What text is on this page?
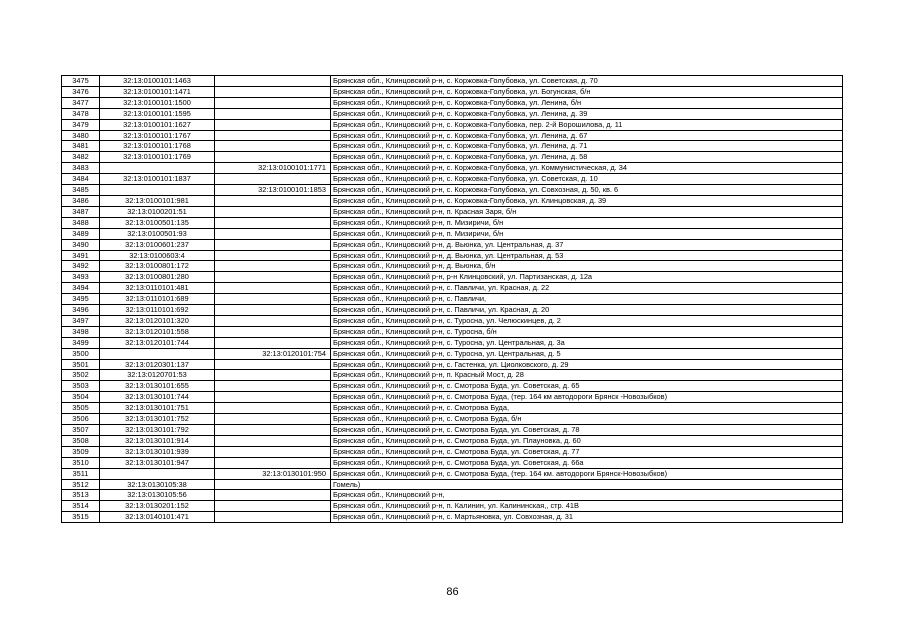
3475	32:13:0100101:1463		Брянская обл., Клинцовский р-н, с. Коржовка-Голубовка, ул. Советская, д. 70
3476	32:13:0100101:1471		Брянская обл., Клинцовский р-н, с. Коржовка-Голубовка, ул. Богунская, б/н
3477	32:13:0100101:1500		Брянская обл., Клинцовский р-н, с. Коржовка-Голубовка, ул. Ленина, б/н
3478	32:13:0100101:1595		Брянская обл., Клинцовский р-н, с. Коржовка-Голубовка, ул. Ленина, д. 39
3479	32:13:0100101:1627		Брянская обл., Клинцовский р-н, с. Коржовка-Голубовка, пер. 2-й Ворошилова, д. 11
3480	32:13:0100101:1767		Брянская обл., Клинцовский р-н, с. Коржовка-Голубовка, ул. Ленина, д. 67
3481	32:13:0100101:1768		Брянская обл., Клинцовский р-н, с. Коржовка-Голубовка, ул. Ленина, д. 71
3482	32:13:0100101:1769		Брянская обл., Клинцовский р-н, с. Коржовка-Голубовка, ул. Ленина, д. 58
3483		32:13:0100101:1771	Брянская обл., Клинцовский р-н, с. Коржовка-Голубовка, ул. Коммунистическая, д. 34
3484	32:13:0100101:1837		Брянская обл., Клинцовский р-н, с. Коржовка-Голубовка, ул. Советская, д. 10
3485		32:13:0100101:1853	Брянская обл., Клинцовский р-н, с. Коржовка-Голубовка, ул. Совхозная, д. 50, кв. 6
3486	32:13:0100101:981		Брянская обл., Клинцовский р-н, с. Коржовка-Голубовка, ул. Клинцовская, д. 39
3487	32:13:0100201:51		Брянская обл., Клинцовский р-н, п. Красная Заря, б/н
3488	32:13:0100501:135		Брянская обл., Клинцовский р-н, п. Мизиричи, б/н
3489	32:13:0100501:93		Брянская обл., Клинцовский р-н, п. Мизиричи, б/н
3490	32:13:0100601:237		Брянская обл., Клинцовский р-н, д. Вьюнка, ул. Центральная, д. 37
3491	32:13:0100603:4		Брянская обл., Клинцовский р-н, д. Вьюнка, ул. Центральная, д. 53
3492	32:13:0100801:172		Брянская обл., Клинцовский р-н, д. Вьюнка, б/н
3493	32:13:0100801:280		Брянская обл., Клинцовский р-н, р-н Клинцовский, ул. Партизанская, д. 12а
3494	32:13:0110101:481		Брянская обл., Клинцовский р-н, с. Павличи, ул. Красная, д. 22
3495	32:13:0110101:689		Брянская обл., Клинцовский р-н, с. Павличи,
3496	32:13:0110101:692		Брянская обл., Клинцовский р-н, с. Павличи, ул. Красная, д. 20
3497	32:13:0120101:320		Брянская обл., Клинцовский р-н, с. Туросна, ул. Челюскинцев, д. 2
3498	32:13:0120101:558		Брянская обл., Клинцовский р-н, с. Туросна, б/н
3499	32:13:0120101:744		Брянская обл., Клинцовский р-н, с. Туросна, ул. Центральная, д. 3а
3500		32:13:0120101:754	Брянская обл., Клинцовский р-н, с. Туросна, ул. Центральная, д. 5
3501	32:13:0120301:137		Брянская обл., Клинцовский р-н, с. Гастенка, ул. Циолковского, д. 29
3502	32:13:0120701:53		Брянская обл., Клинцовский р-н, п. Красный Мост, д. 28
3503	32:13:0130101:655		Брянская обл., Клинцовский р-н, с. Смотрова Буда, ул. Советская, д. 65
3504	32:13:0130101:744		Брянская обл., Клинцовский р-н, с. Смотрова Буда, (тер. 164 км автодороги Брянск -Новозыбков)
3505	32:13:0130101:751		Брянская обл., Клинцовский р-н, с. Смотрова Буда,
3506	32:13:0130101:752		Брянская обл., Клинцовский р-н, с. Смотрова Буда, б/н
3507	32:13:0130101:792		Брянская обл., Клинцовский р-н, с. Смотрова Буда, ул. Советская, д. 78
3508	32:13:0130101:914		Брянская обл., Клинцовский р-н, с. Смотрова Буда, ул. Плауновка, д. 60
3509	32:13:0130101:939		Брянская обл., Клинцовский р-н, с. Смотрова Буда, ул. Советская, д. 77
3510	32:13:0130101:947		Брянская обл., Клинцовский р-н, с. Смотрова Буда, ул. Советская, д. 66а
3511		32:13:0130101:950	Брянская обл., Клинцовский р-н, с. Смотрова Буда, (тер. 164 км. автодороги Брянск-Новозыбков)
3512	32:13:0130105:38		Гомель)
3513	32:13:0130105:56		Брянская обл., Клинцовский р-н,
3514	32:13:0130201:152		Брянская обл., Клинцовский р-н, п. Калинин, ул. Калининская,, стр. 41В
3515	32:13:0140101:471		Брянская обл., Клинцовский р-н, с. Мартьяновка, ул. Совхозная, д. 31
86
